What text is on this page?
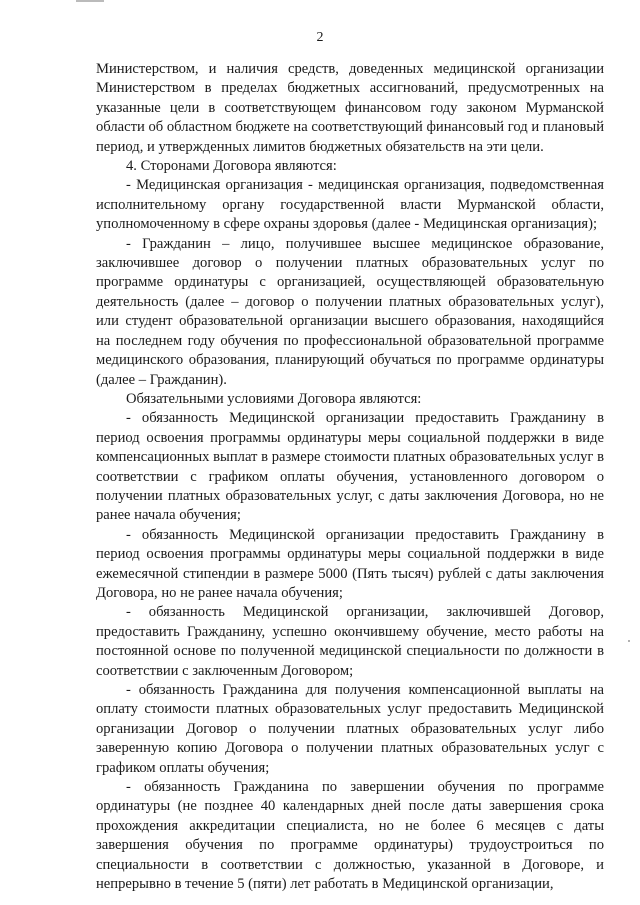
2

Министерством, и наличия средств, доведенных медицинской организации Министерством в пределах бюджетных ассигнований, предусмотренных на указанные цели в соответствующем финансовом году законом Мурманской области об областном бюджете на соответствующий финансовый год и плановый период, и утвержденных лимитов бюджетных обязательств на эти цели.

4. Сторонами Договора являются:

- Медицинская организация - медицинская организация, подведомственная исполнительному органу государственной власти Мурманской области, уполномоченному в сфере охраны здоровья (далее - Медицинская организация);

- Гражданин – лицо, получившее высшее медицинское образование, заключившее договор о получении платных образовательных услуг по программе ординатуры с организацией, осуществляющей образовательную деятельность (далее – договор о получении платных образовательных услуг), или студент образовательной организации высшего образования, находящийся на последнем году обучения по профессиональной образовательной программе медицинского образования, планирующий обучаться по программе ординатуры (далее – Гражданин).

Обязательными условиями Договора являются:

- обязанность Медицинской организации предоставить Гражданину в период освоения программы ординатуры меры социальной поддержки в виде компенсационных выплат в размере стоимости платных образовательных услуг в соответствии с графиком оплаты обучения, установленного договором о получении платных образовательных услуг, с даты заключения Договора, но не ранее начала обучения;

- обязанность Медицинской организации предоставить Гражданину в период освоения программы ординатуры меры социальной поддержки в виде ежемесячной стипендии в размере 5000 (Пять тысяч) рублей с даты заключения Договора, но не ранее начала обучения;

- обязанность Медицинской организации, заключившей Договор, предоставить Гражданину, успешно окончившему обучение, место работы на постоянной основе по полученной медицинской специальности по должности в соответствии с заключенным Договором;

- обязанность Гражданина для получения компенсационной выплаты на оплату стоимости платных образовательных услуг предоставить Медицинской организации Договор о получении платных образовательных услуг либо заверенную копию Договора о получении платных образовательных услуг с графиком оплаты обучения;

- обязанность Гражданина по завершении обучения по программе ординатуры (не позднее 40 календарных дней после даты завершения срока прохождения аккредитации специалиста, но не более 6 месяцев с даты завершения обучения по программе ординатуры) трудоустроиться по специальности в соответствии с должностью, указанной в Договоре, и непрерывно в течение 5 (пяти) лет работать в Медицинской организации,
